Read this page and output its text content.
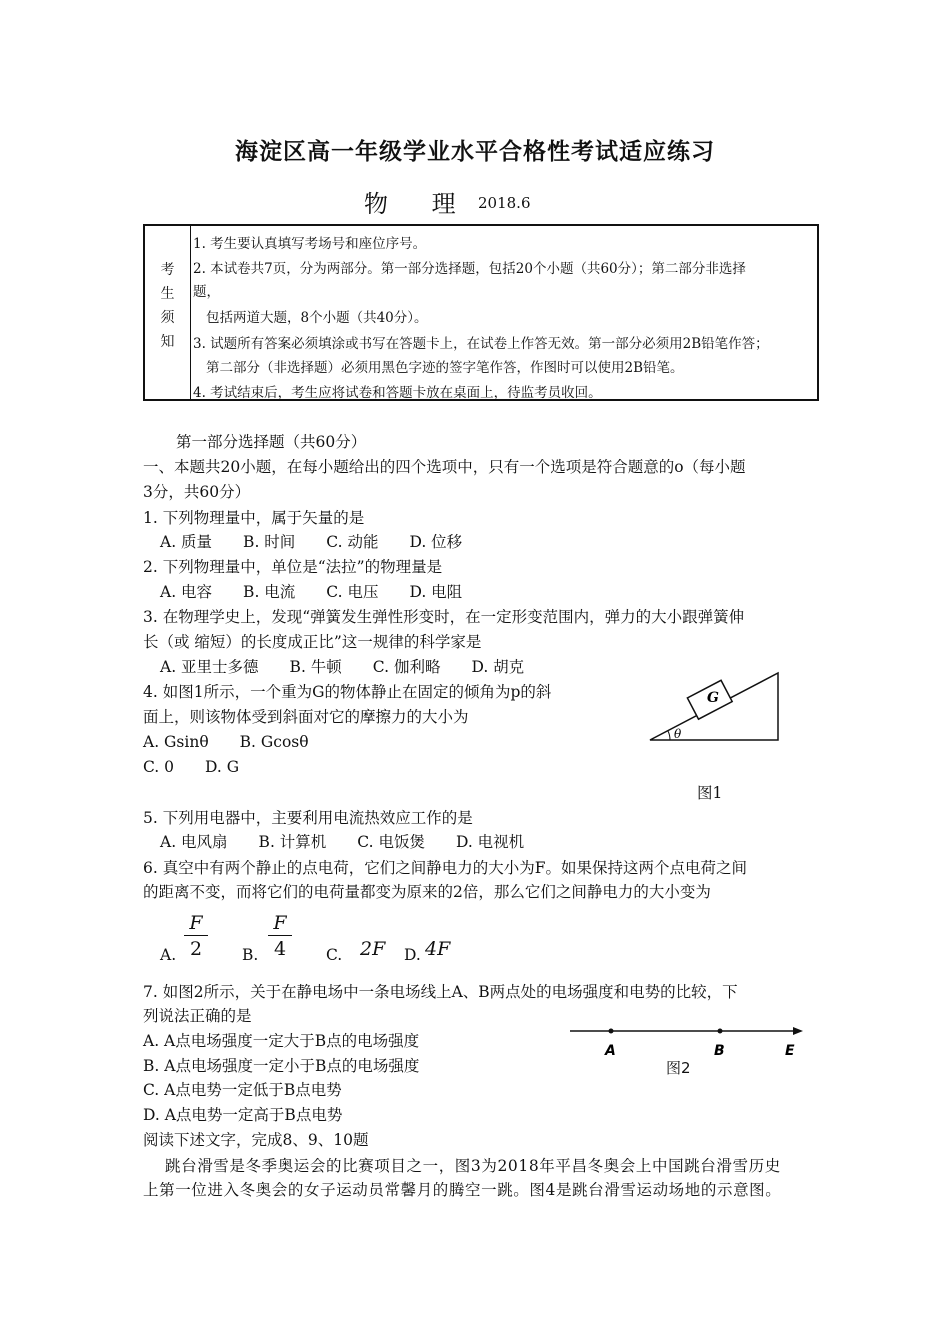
海淀区高一年级学业水平合格性考试适应练习
物 理 2018.6
考
生
须
知
1. 考生要认真填写考场号和座位序号。
2. 本试卷共7页，分为两部分。第一部分选择题，包括20个小题（共60分）；第二部分非选择
题，
包括两道大题，8个小题（共40分）。
3. 试题所有答案必须填涂或书写在答题卡上，在试卷上作答无效。第一部分必须用2B铅笔作答；
第二部分（非选择题）必须用黑色字迹的签字笔作答，作图时可以使用2B铅笔。
4. 考试结束后，考生应将试卷和答题卡放在桌面上，待监考员收回。
第一部分选择题（共60分）
一、本题共20小题，在每小题给出的四个选项中，只有一个选项是符合题意的o（每小题
3分，共60分）
1. 下列物理量中，属于矢量的是
A. 质量　　B. 时间　　C. 动能　　D. 位移
2. 下列物理量中，单位是“法拉”的物理量是
A. 电容　　B. 电流　　C. 电压　　D. 电阻
3. 在物理学史上，发现“弹簧发生弹性形变时，在一定形变范围内，弹力的大小跟弹簧伸
长（或 缩短）的长度成正比”这一规律的科学家是
A. 亚里士多德　　B. 牛顿　　C. 伽利略　　D. 胡克
4. 如图1所示，一个重为G的物体静止在固定的倾角为p的斜
面上，则该物体受到斜面对它的摩擦力的大小为
A. Gsinθ　　B. Gcosθ
C. 0　　D. G
G
θ
图1
5. 下列用电器中，主要利用电流热效应工作的是
A. 电风扇　　B. 计算机　　C. 电饭煲　　D. 电视机
6. 真空中有两个静止的点电荷，它们之间静电力的大小为F。如果保持这两个点电荷之间
的距离不变，而将它们的电荷量都变为原来的2倍，那么它们之间静电力的大小变为
A.
F
2	B.
F
4	C. 2F D. 4F
7. 如图2所示，关于在静电场中一条电场线上A、B两点处的电场强度和电势的比较，下
列说法正确的是
A. A点电场强度一定大于B点的电场强度
B. A点电场强度一定小于B点的电场强度
C. A点电势一定低于B点电势
D. A点电势一定高于B点电势
A	B	E
图2
阅读下述文字，完成8、9、10题
跳台滑雪是冬季奥运会的比赛项目之一，图3为2018年平昌冬奥会上中国跳台滑雪历史
上第一位进入冬奥会的女子运动员常馨月的腾空一跳。图4是跳台滑雪运动场地的示意图。
